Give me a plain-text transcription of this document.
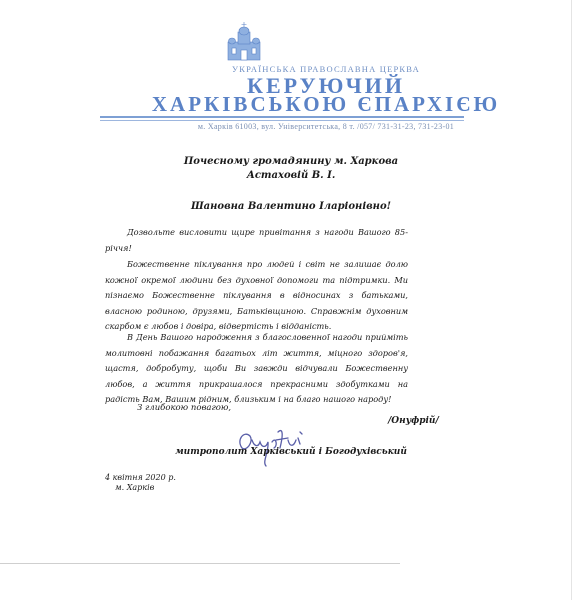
УКРАЇНСЬКА ПРАВОСЛАВНА ЦЕРКВА
КЕРУЮЧИЙ
ХАРКІВСЬКОЮ ЄПАРХІЄЮ
м. Харків 61003, вул. Університетська, 8 т. /057/ 731-31-23, 731-23-01
Почесному громадянину м. Харкова
Астаховій В. І.
Шановна Валентино Іларіонівно!

Дозвольте висловити щире привітання з нагоди Вашого 85-річчя!

Божественне піклування про людей і світ не залишає долю кожної окремої людини без духовної допомоги та підтримки. Ми пізнаємо Божественне піклування в відносинах з батьками, власною родиною, друзями, Батьківщиною. Справжнім духовним скарбом є любов і довіра, відвертість і відданість.

В День Вашого народження з благословенної нагоди прийміть молитовні побажання багатьох літ життя, міцного здоров'я, щастя, добробуту, щоби Ви завжди відчували Божественну любов, а життя прикрашалося прекрасними здобутками на радість Вам, Вашим рідним, близьким і на благо нашого народу!

З глибокою повагою,
/Онуфрій/
митрополит Харківський і Богодухівський
4 квітня 2020 р.
м. Харків
